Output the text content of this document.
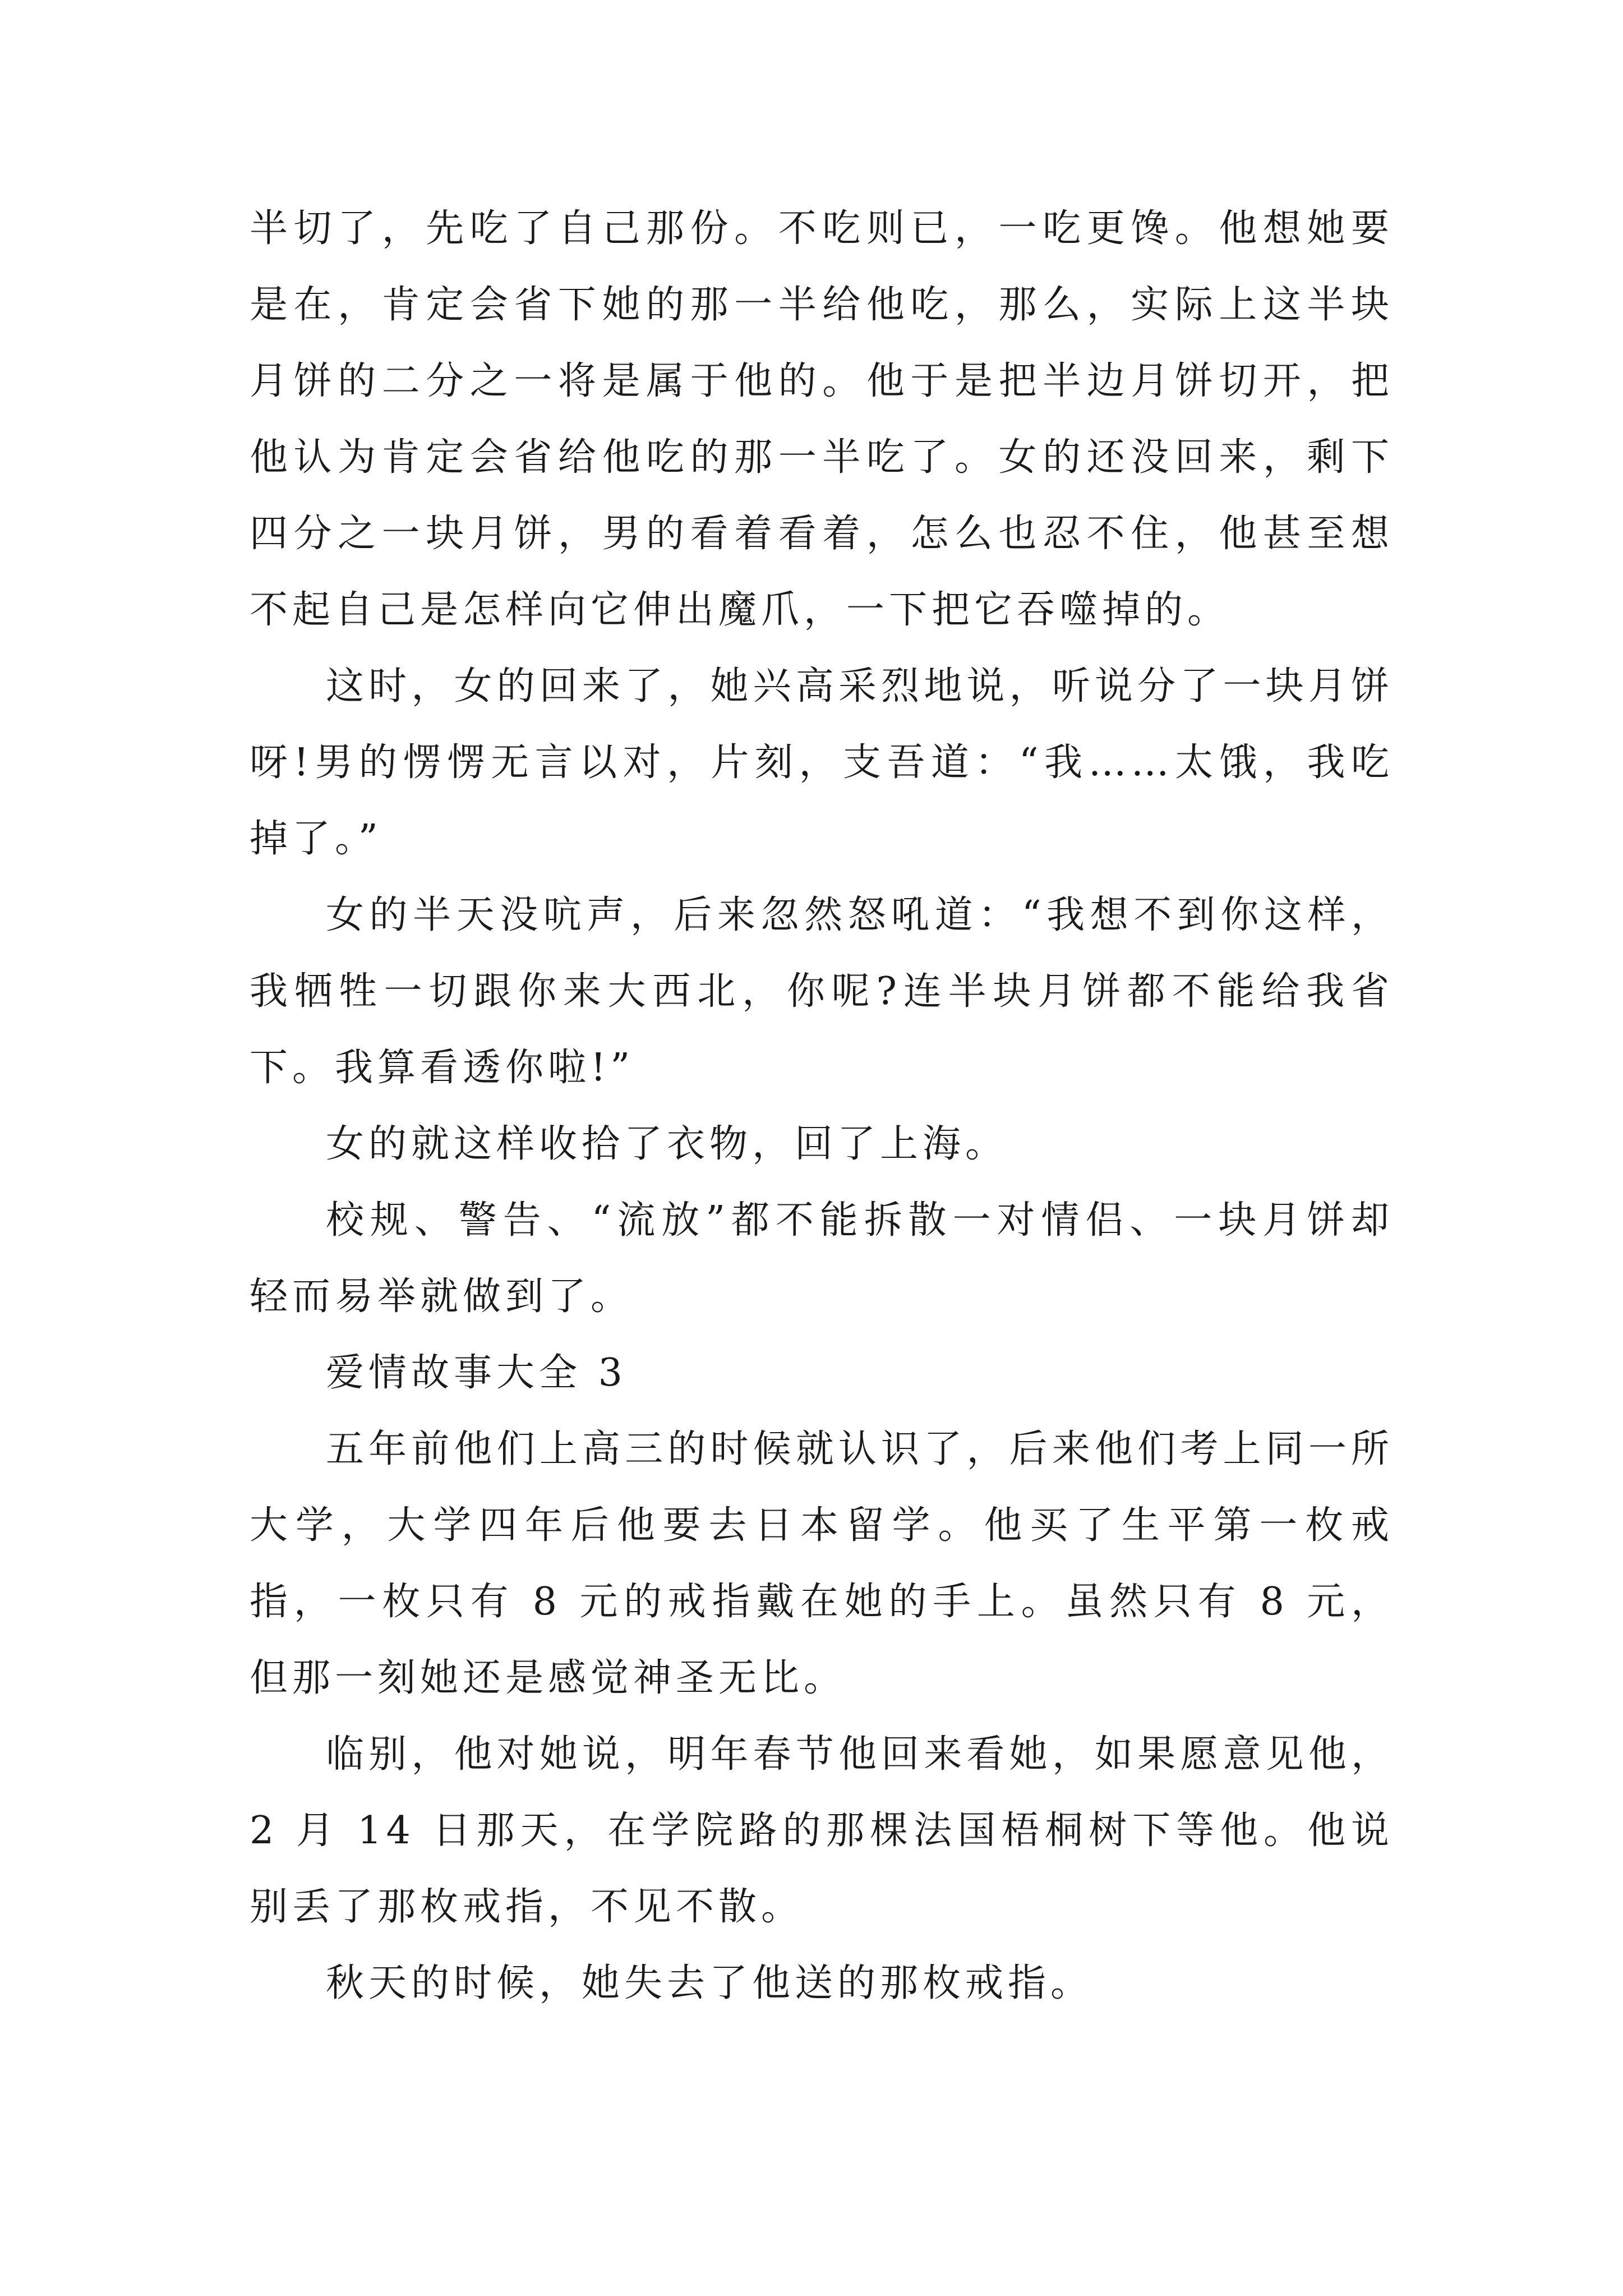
半切了，先吃了自己那份。不吃则已，一吃更馋。他想她要是在，肯定会省下她的那一半给他吃，那么，实际上这半块月饼的二分之一将是属于他的。他于是把半边月饼切开，把他认为肯定会省给他吃的那一半吃了。女的还没回来，剩下四分之一块月饼，男的看着看着，怎么也忍不住，他甚至想不起自己是怎样向它伸出魔爪，一下把它吞噬掉的。

这时，女的回来了，她兴高采烈地说，听说分了一块月饼呀!男的愣愣无言以对，片刻，支吾道：“我……太饿，我吃掉了。”

女的半天没吭声，后来忽然怒吼道：“我想不到你这样，我牺牲一切跟你来大西北，你呢?连半块月饼都不能给我省下。我算看透你啦!”

女的就这样收拾了衣物，回了上海。

校规、警告、“流放”都不能拆散一对情侣、一块月饼却轻而易举就做到了。

爱情故事大全 3

五年前他们上高三的时候就认识了，后来他们考上同一所大学，大学四年后他要去日本留学。他买了生平第一枚戒指，一枚只有 8 元的戒指戴在她的手上。虽然只有 8 元，但那一刻她还是感觉神圣无比。

临别，他对她说，明年春节他回来看她，如果愿意见他，2 月 14 日那天，在学院路的那棵法国梧桐树下等他。他说别丢了那枚戒指，不见不散。

秋天的时候，她失去了他送的那枚戒指。
